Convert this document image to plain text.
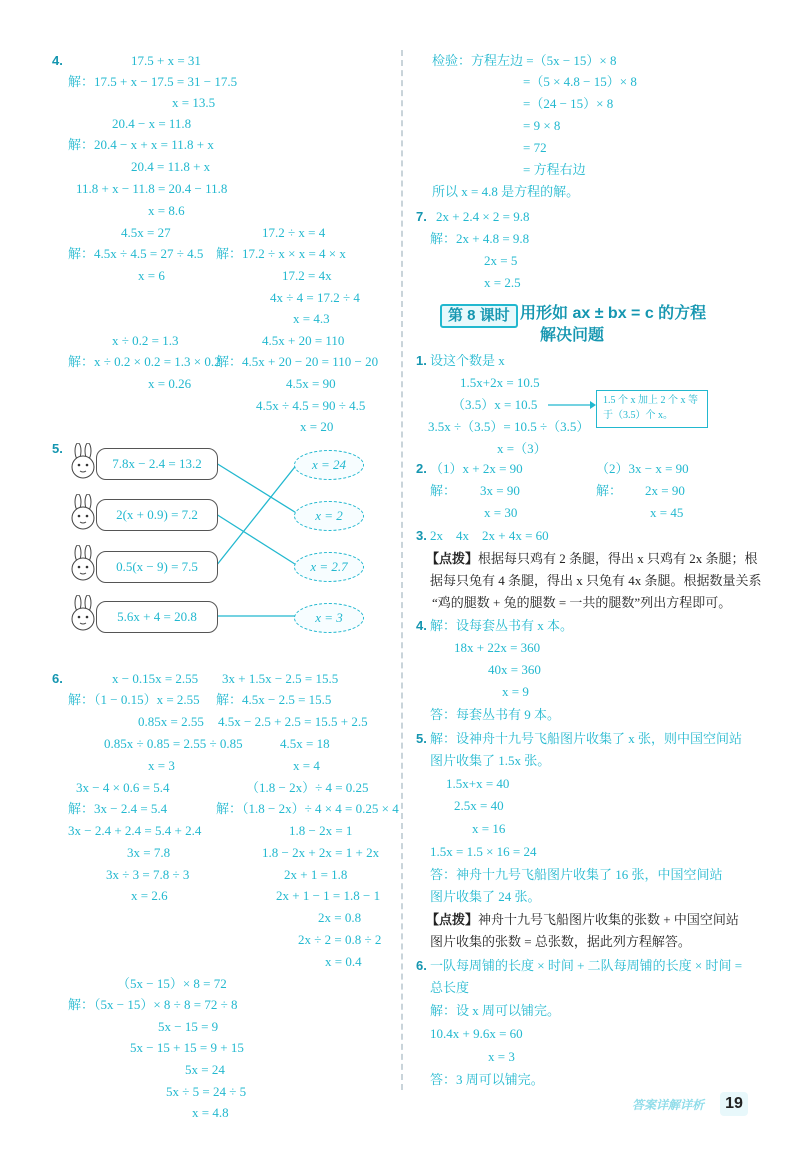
4.	17.5 + x = 31
解：17.5 + x − 17.5 = 31 − 17.5
x = 13.5
20.4 − x = 11.8
解：20.4 − x + x = 11.8 + x
20.4 = 11.8 + x
11.8 + x − 11.8 = 20.4 − 11.8
x = 8.6
4.5x = 27
解：4.5x ÷ 4.5 = 27 ÷ 4.5
x = 6
17.2 ÷ x = 4
解：17.2 ÷ x × x = 4 × x
17.2 = 4x
4x ÷ 4 = 17.2 ÷ 4
x = 4.3
x ÷ 0.2 = 1.3
解：x ÷ 0.2 × 0.2 = 1.3 × 0.2
x = 0.26
4.5x + 20 = 110
解：4.5x + 20 − 20 = 110 − 20
4.5x = 90
4.5x ÷ 4.5 = 90 ÷ 4.5
x = 20
5.
7.8x − 2.4 = 13.2
2(x + 0.9) = 7.2
0.5(x − 9) = 7.5
5.6x + 4 = 20.8
x = 24
x = 2
x = 2.7
x = 3
6.	x − 0.15x = 2.55
解：（1 − 0.15）x = 2.55
0.85x = 2.55
0.85x ÷ 0.85 = 2.55 ÷ 0.85
x = 3
3x + 1.5x − 2.5 = 15.5
解：4.5x − 2.5 = 15.5
4.5x − 2.5 + 2.5 = 15.5 + 2.5
4.5x = 18
x = 4
3x − 4 × 0.6 = 5.4
解：3x − 2.4 = 5.4
3x − 2.4 + 2.4 = 5.4 + 2.4
3x = 7.8
3x ÷ 3 = 7.8 ÷ 3
x = 2.6
（1.8 − 2x）÷ 4 = 0.25
解：（1.8 − 2x）÷ 4 × 4 = 0.25 × 4
1.8 − 2x = 1
1.8 − 2x + 2x = 1 + 2x
2x + 1 = 1.8
2x + 1 − 1 = 1.8 − 1
2x = 0.8
2x ÷ 2 = 0.8 ÷ 2
x = 0.4
（5x − 15）× 8 = 72
解：（5x − 15）× 8 ÷ 8 = 72 ÷ 8
5x − 15 = 9
5x − 15 + 15 = 9 + 15
5x = 24
5x ÷ 5 = 24 ÷ 5
x = 4.8
检验：方程左边 =（5x − 15）× 8
=（5 × 4.8 − 15）× 8
=（24 − 15）× 8
= 9 × 8
= 72
= 方程右边
所以 x = 4.8 是方程的解。
7. 2x + 2.4 × 2 = 9.8
解：2x + 4.8 = 9.8
2x = 5
x = 2.5
第 8 课时 用形如 ax ± bx = c 的方程
解决问题
1. 设这个数是 x
1.5x+2x = 10.5
（3.5）x = 10.5
3.5x ÷（3.5）= 10.5 ÷（3.5）
x =（3）
1.5 个 x 加上 2 个 x 等于（3.5）个 x。
2. （1）x + 2x = 90
解： 3x = 90
x = 30
（2）3x − x = 90
解： 2x = 90
x = 45
3. 2x    4x    2x + 4x = 60
【点拨】 根据每只鸡有 2 条腿，得出 x 只鸡有 2x 条腿；根
据每只兔有 4 条腿，得出 x 只兔有 4x 条腿。根据数量关系
“鸡的腿数 + 兔的腿数 = 一共的腿数”列出方程即可。
4. 解：设每套丛书有 x 本。
18x + 22x = 360
40x = 360
x = 9
答：每套丛书有 9 本。
5. 解：设神舟十九号飞船图片收集了 x 张，则中国空间站
图片收集了 1.5x 张。
1.5x+x = 40
2.5x = 40
x = 16
1.5x = 1.5 × 16 = 24
答：神舟十九号飞船图片收集了 16 张，中国空间站
图片收集了 24 张。
【点拨】 神舟十九号飞船图片收集的张数 + 中国空间站
图片收集的张数 = 总张数，据此列方程解答。
6. 一队每周铺的长度 × 时间 + 二队每周铺的长度 × 时间 =
总长度
解：设 x 周可以铺完。
10.4x + 9.6x = 60
x = 3
答：3 周可以铺完。
答案详解详析	19
